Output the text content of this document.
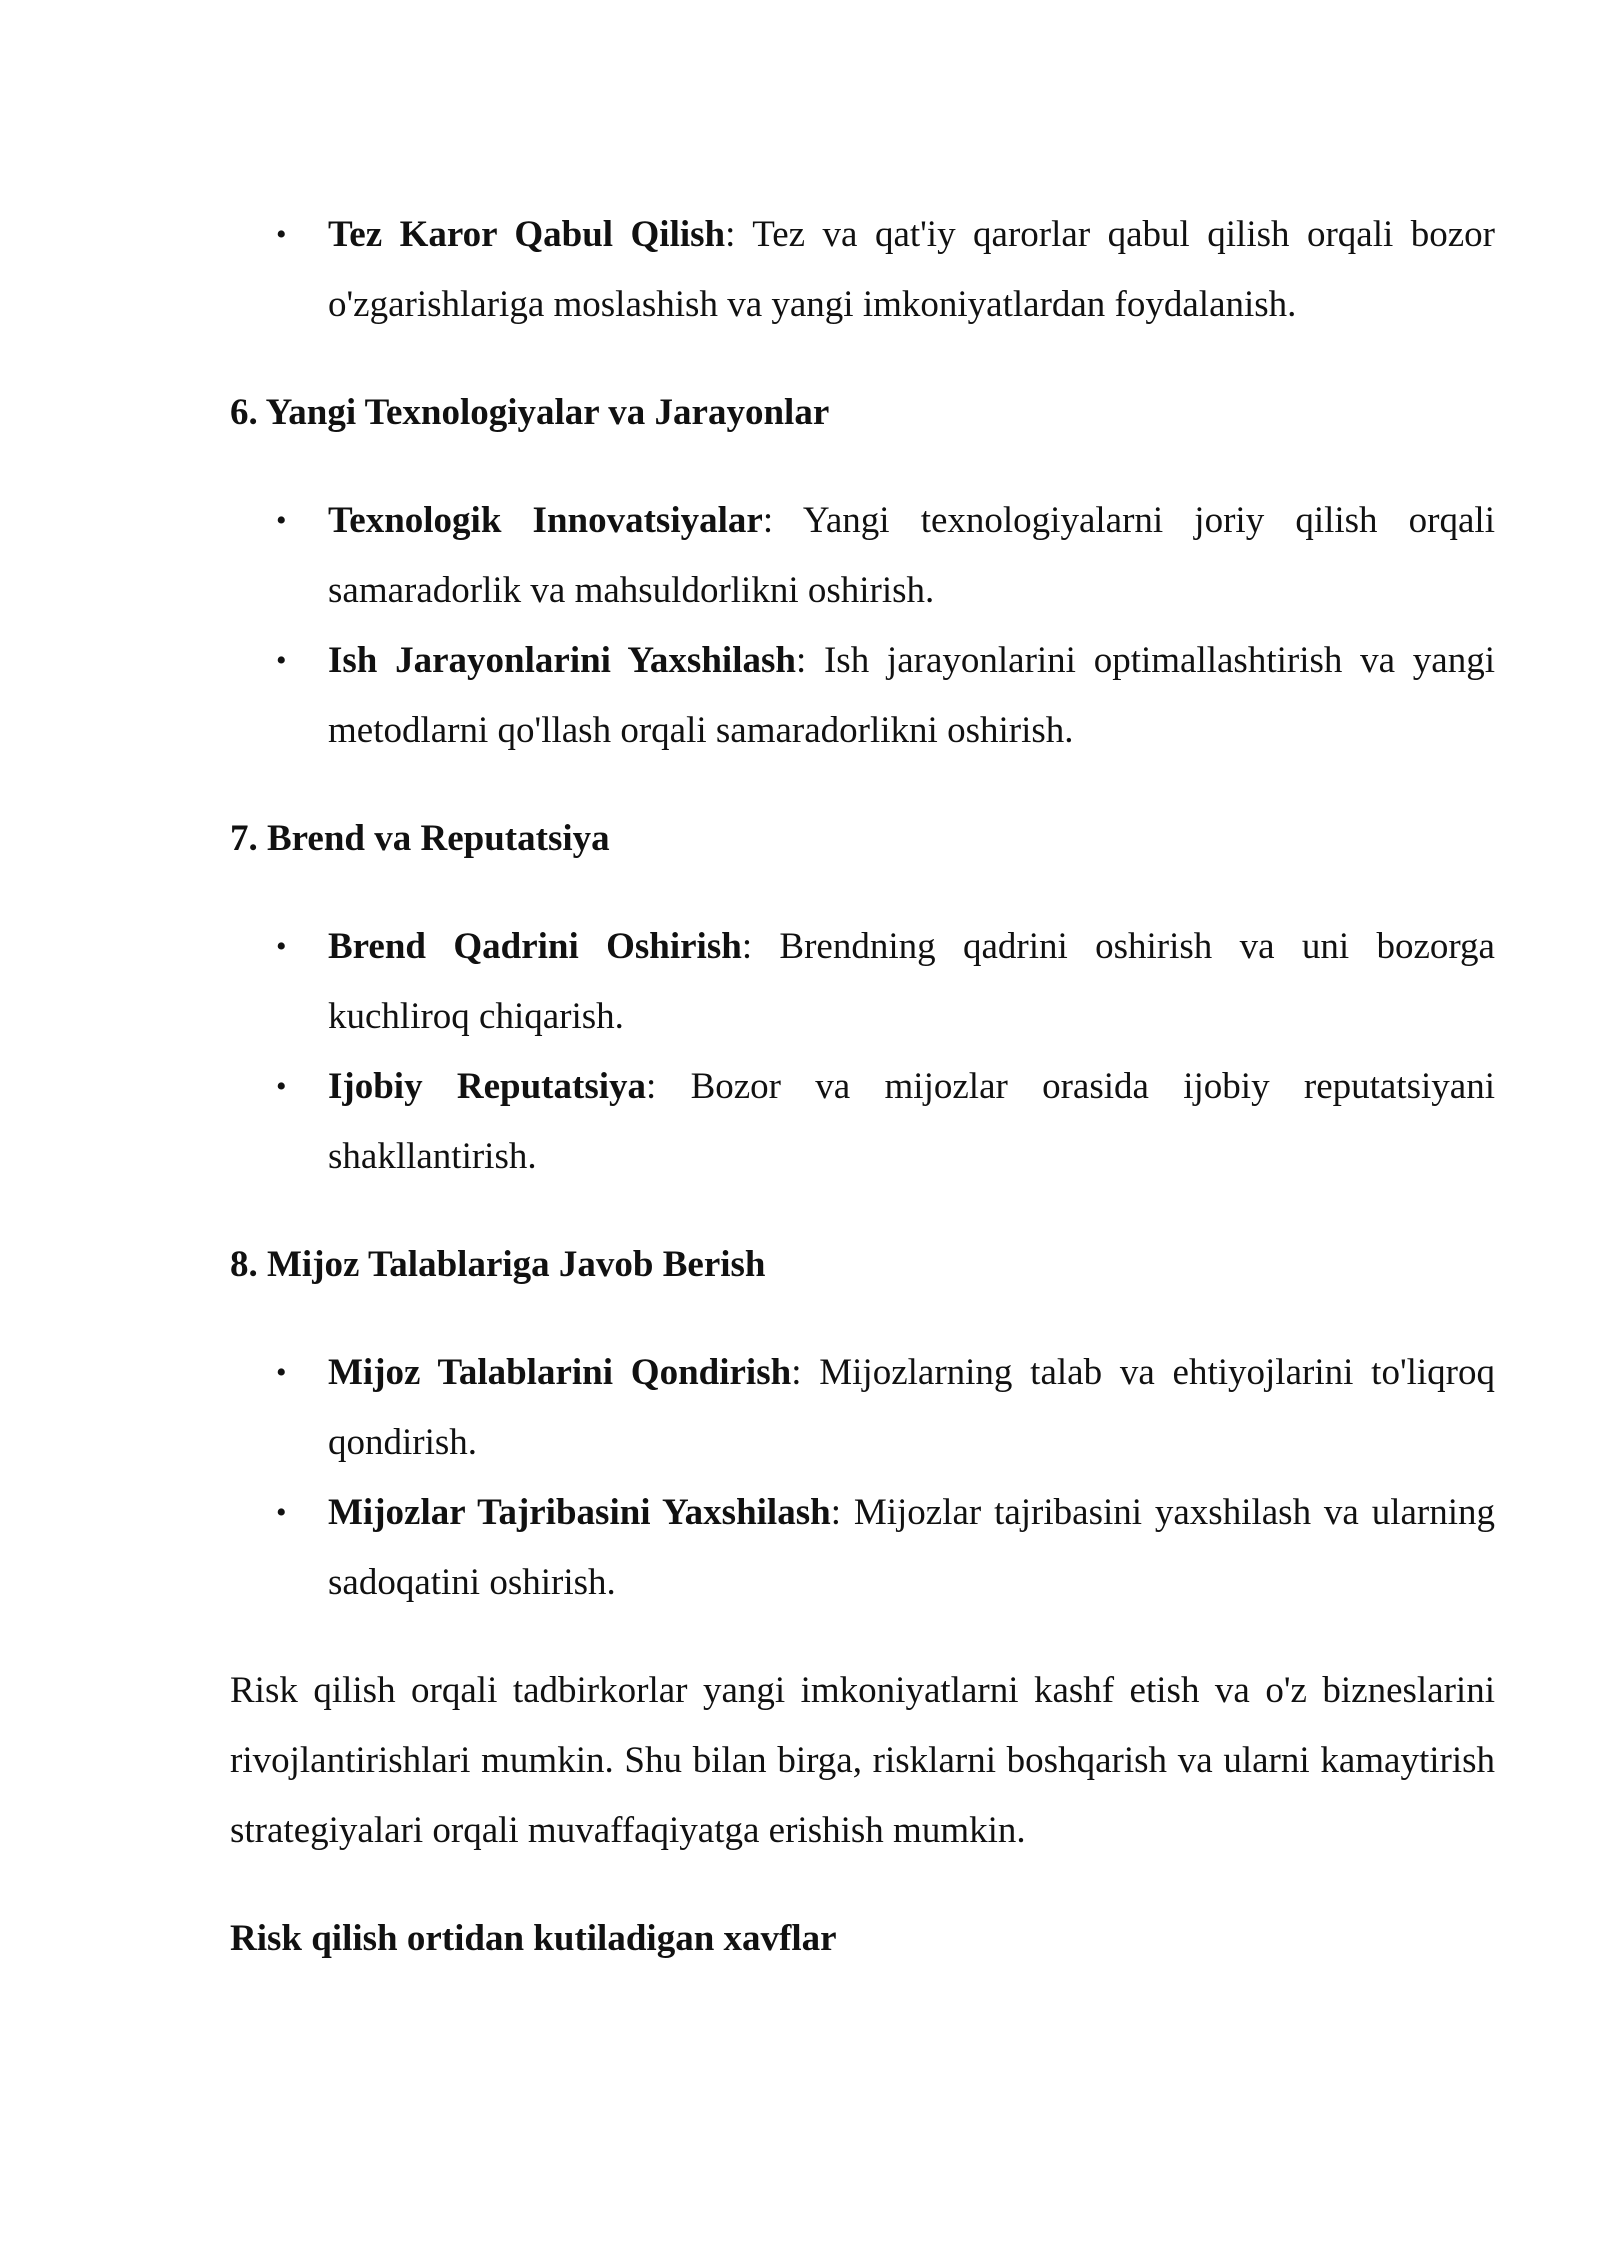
• Tez Karor Qabul Qilish: Tez va qat'iy qarorlar qabul qilish orqali bozor o'zgarishlariga moslashish va yangi imkoniyatlardan foydalanish.
6. Yangi Texnologiyalar va Jarayonlar
• Texnologik Innovatsiyalar: Yangi texnologiyalarni joriy qilish orqali samaradorlik va mahsuldorlikni oshirish.
• Ish Jarayonlarini Yaxshilash: Ish jarayonlarini optimallashtirish va yangi metodlarni qo'llash orqali samaradorlikni oshirish.
7. Brend va Reputatsiya
• Brend Qadrini Oshirish: Brendning qadrini oshirish va uni bozorga kuchliroq chiqarish.
• Ijobiy Reputatsiya: Bozor va mijozlar orasida ijobiy reputatsiyani shakllantirish.
8. Mijoz Talablariga Javob Berish
• Mijoz Talablarini Qondirish: Mijozlarning talab va ehtiyojlarini to'liqroq qondirish.
• Mijozlar Tajribasini Yaxshilash: Mijozlar tajribasini yaxshilash va ularning sadoqatini oshirish.

Risk qilish orqali tadbirkorlar yangi imkoniyatlarni kashf etish va o'z bizneslarini rivojlantirishlari mumkin. Shu bilan birga, risklarni boshqarish va ularni kamaytirish strategiyalari orqali muvaffaqiyatga erishish mumkin.

Risk qilish ortidan kutiladigan xavflar
